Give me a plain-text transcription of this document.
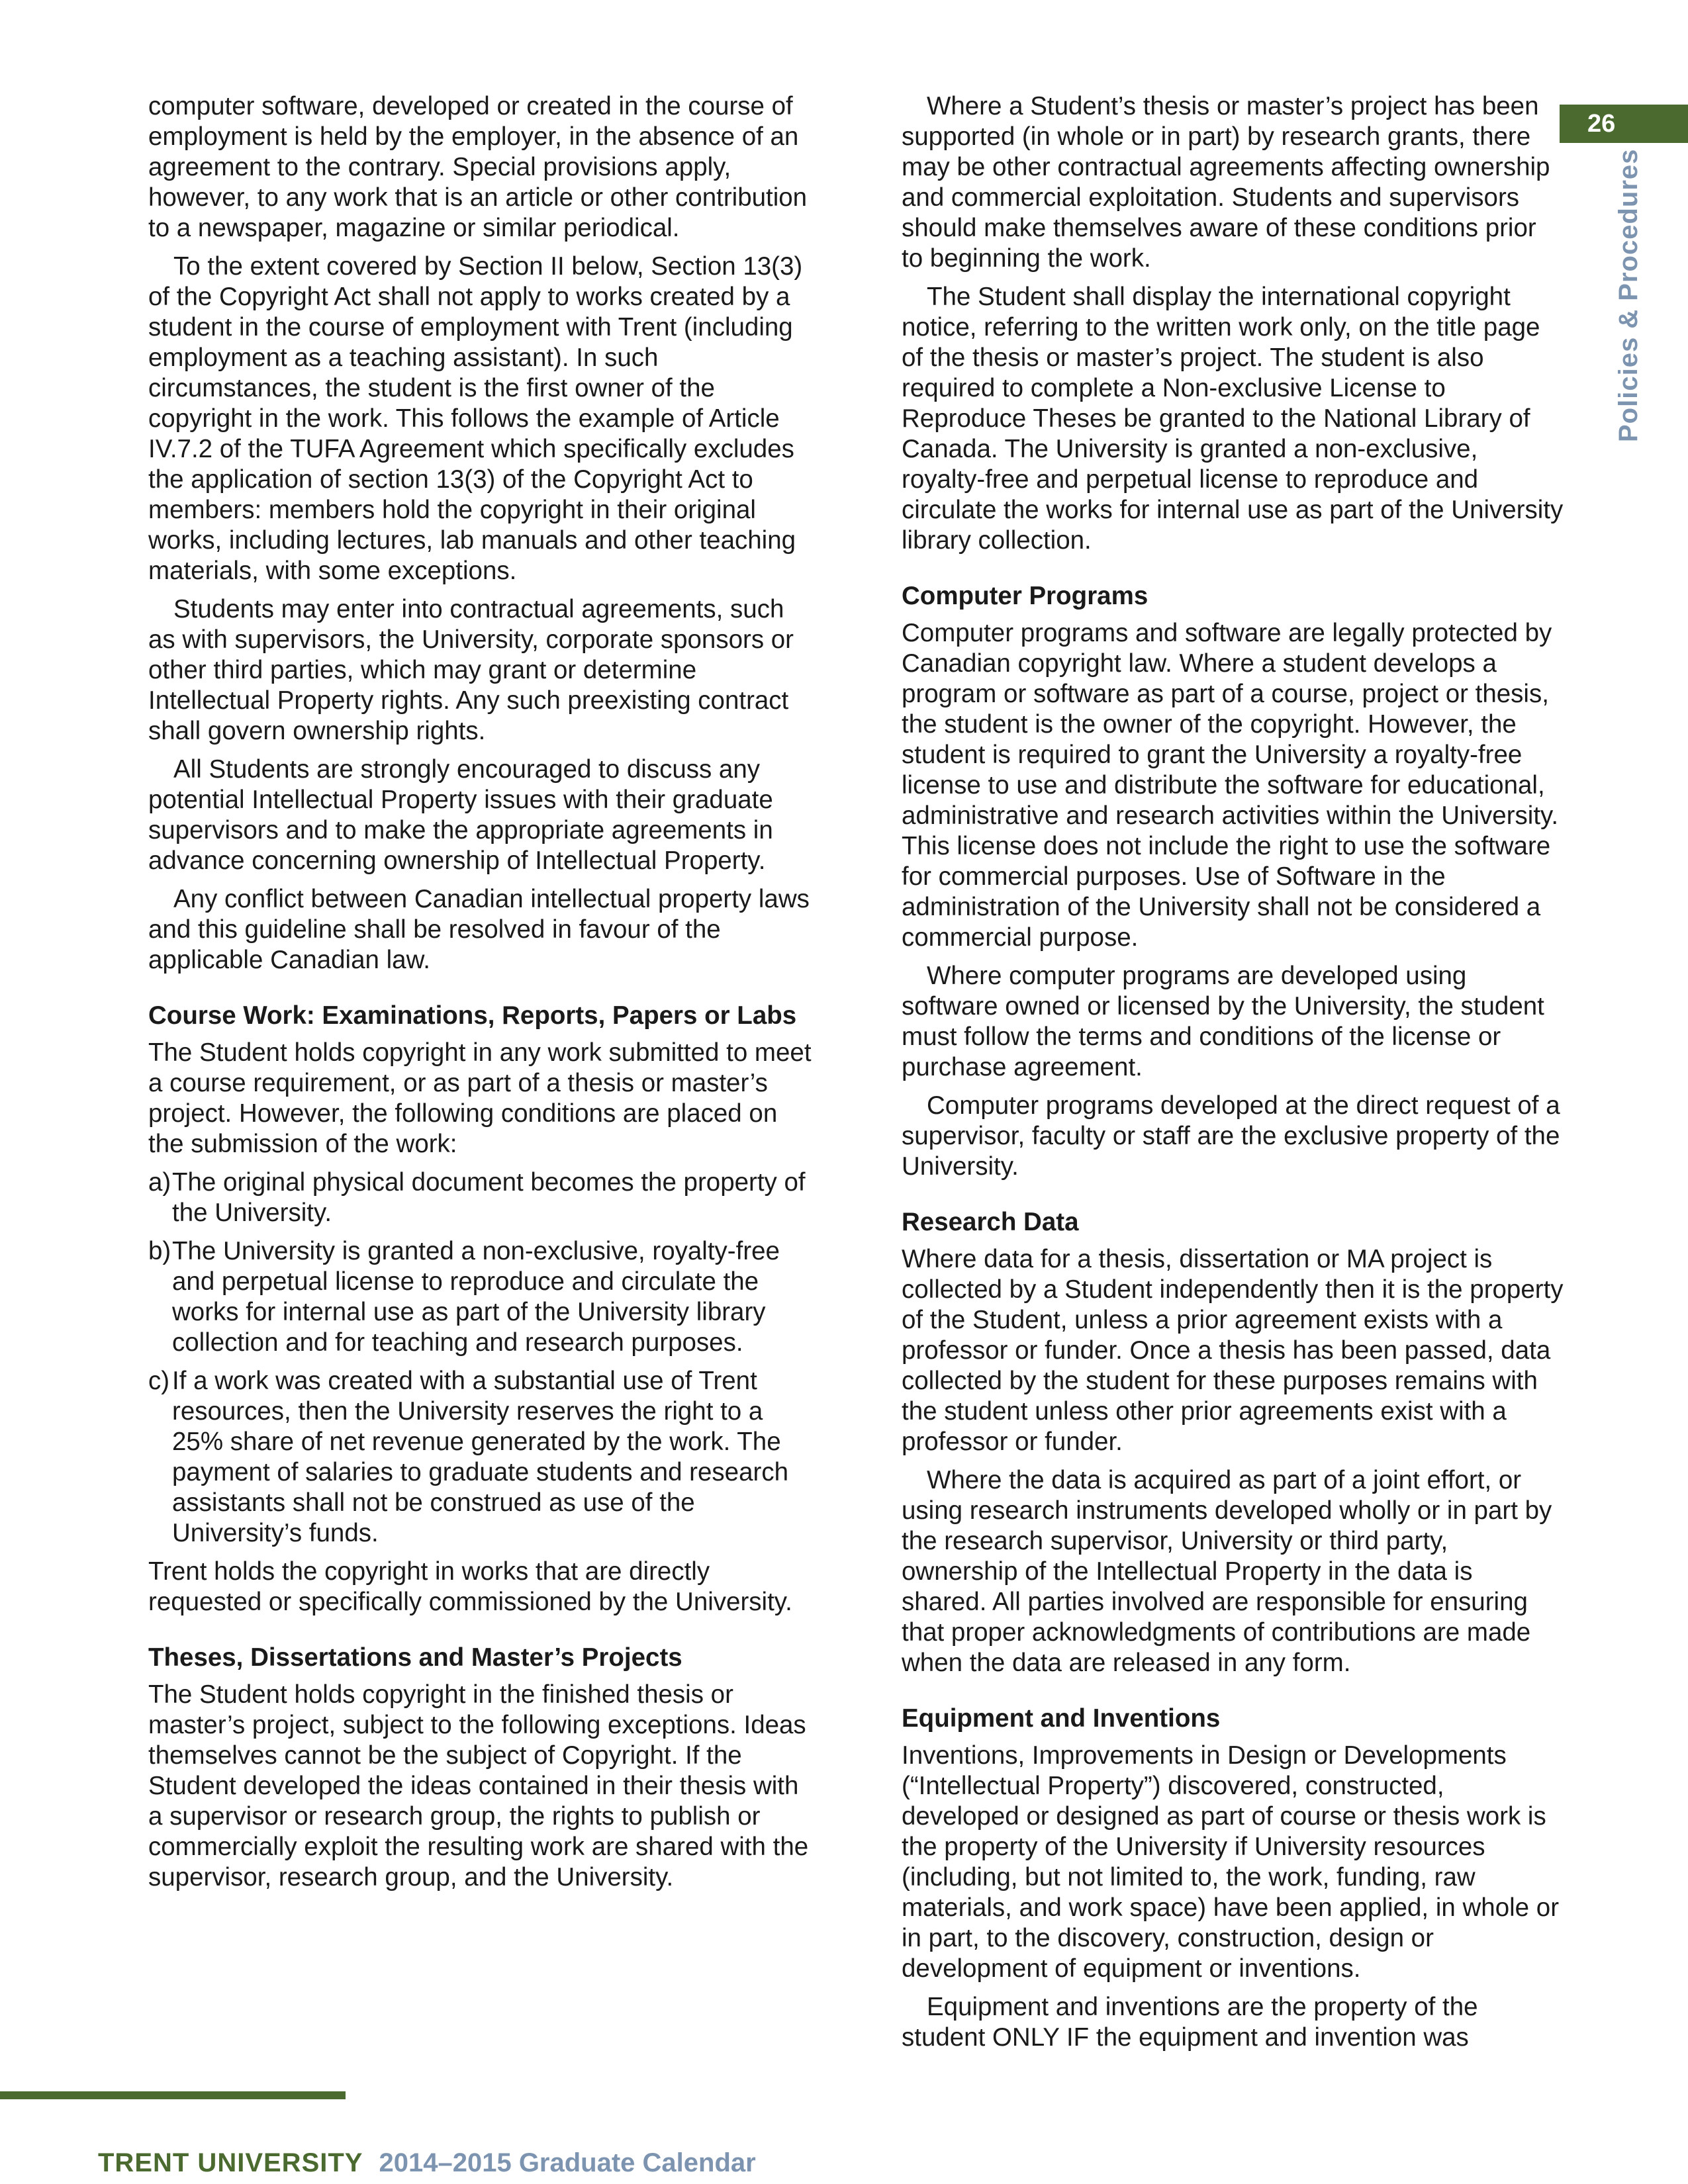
computer software, developed or created in the course of employment is held by the employer, in the absence of an agreement to the contrary. Special provisions apply, however, to any work that is an article or other contribution to a newspaper, magazine or similar periodical.

To the extent covered by Section II below, Section 13(3) of the Copyright Act shall not apply to works created by a student in the course of employment with Trent (including employment as a teaching assistant). In such circumstances, the student is the first owner of the copyright in the work. This follows the example of Article IV.7.2 of the TUFA Agreement which specifically excludes the application of section 13(3) of the Copyright Act to members: members hold the copyright in their original works, including lectures, lab manuals and other teaching materials, with some exceptions.

Students may enter into contractual agreements, such as with supervisors, the University, corporate sponsors or other third parties, which may grant or determine Intellectual Property rights. Any such preexisting contract shall govern ownership rights.

All Students are strongly encouraged to discuss any potential Intellectual Property issues with their graduate supervisors and to make the appropriate agreements in advance concerning ownership of Intellectual Property.

Any conflict between Canadian intellectual property laws and this guideline shall be resolved in favour of the applicable Canadian law.

Course Work: Examinations, Reports, Papers or Labs

The Student holds copyright in any work submitted to meet a course requirement, or as part of a thesis or master’s project. However, the following conditions are placed on the submission of the work:

a) The original physical document becomes the property of the University.
b) The University is granted a non-exclusive, royalty-free and perpetual license to reproduce and circulate the works for internal use as part of the University library collection and for teaching and research purposes.
c) If a work was created with a substantial use of Trent resources, then the University reserves the right to a 25% share of net revenue generated by the work. The payment of salaries to graduate students and research assistants shall not be construed as use of the University’s funds.

Trent holds the copyright in works that are directly requested or specifically commissioned by the University.

Theses, Dissertations and Master’s Projects

The Student holds copyright in the finished thesis or master’s project, subject to the following exceptions. Ideas themselves cannot be the subject of Copyright. If the Student developed the ideas contained in their thesis with a supervisor or research group, the rights to publish or commercially exploit the resulting work are shared with the supervisor, research group, and the University.

Where a Student’s thesis or master’s project has been supported (in whole or in part) by research grants, there may be other contractual agreements affecting ownership and commercial exploitation. Students and supervisors should make themselves aware of these conditions prior to beginning the work.

The Student shall display the international copyright notice, referring to the written work only, on the title page of the thesis or master’s project. The student is also required to complete a Non-exclusive License to Reproduce Theses be granted to the National Library of Canada. The University is granted a non-exclusive, royalty-free and perpetual license to reproduce and circulate the works for internal use as part of the University library collection.

Computer Programs

Computer programs and software are legally protected by Canadian copyright law. Where a student develops a program or software as part of a course, project or thesis, the student is the owner of the copyright. However, the student is required to grant the University a royalty-free license to use and distribute the software for educational, administrative and research activities within the University. This license does not include the right to use the software for commercial purposes. Use of Software in the administration of the University shall not be considered a commercial purpose.

Where computer programs are developed using software owned or licensed by the University, the student must follow the terms and conditions of the license or purchase agreement.

Computer programs developed at the direct request of a supervisor, faculty or staff are the exclusive property of the University.

Research Data

Where data for a thesis, dissertation or MA project is collected by a Student independently then it is the property of the Student, unless a prior agreement exists with a professor or funder. Once a thesis has been passed, data collected by the student for these purposes remains with the student unless other prior agreements exist with a professor or funder.

Where the data is acquired as part of a joint effort, or using research instruments developed wholly or in part by the research supervisor, University or third party, ownership of the Intellectual Property in the data is shared. All parties involved are responsible for ensuring that proper acknowledgments of contributions are made when the data are released in any form.

Equipment and Inventions

Inventions, Improvements in Design or Developments (“Intellectual Property”) discovered, constructed, developed or designed as part of course or thesis work is the property of the University if University resources (including, but not limited to, the work, funding, raw materials, and work space) have been applied, in whole or in part, to the discovery, construction, design or development of equipment or inventions.

Equipment and inventions are the property of the student ONLY IF the equipment and invention was

26
Policies & Procedures
TRENT UNIVERSITY 2014–2015 Graduate Calendar
